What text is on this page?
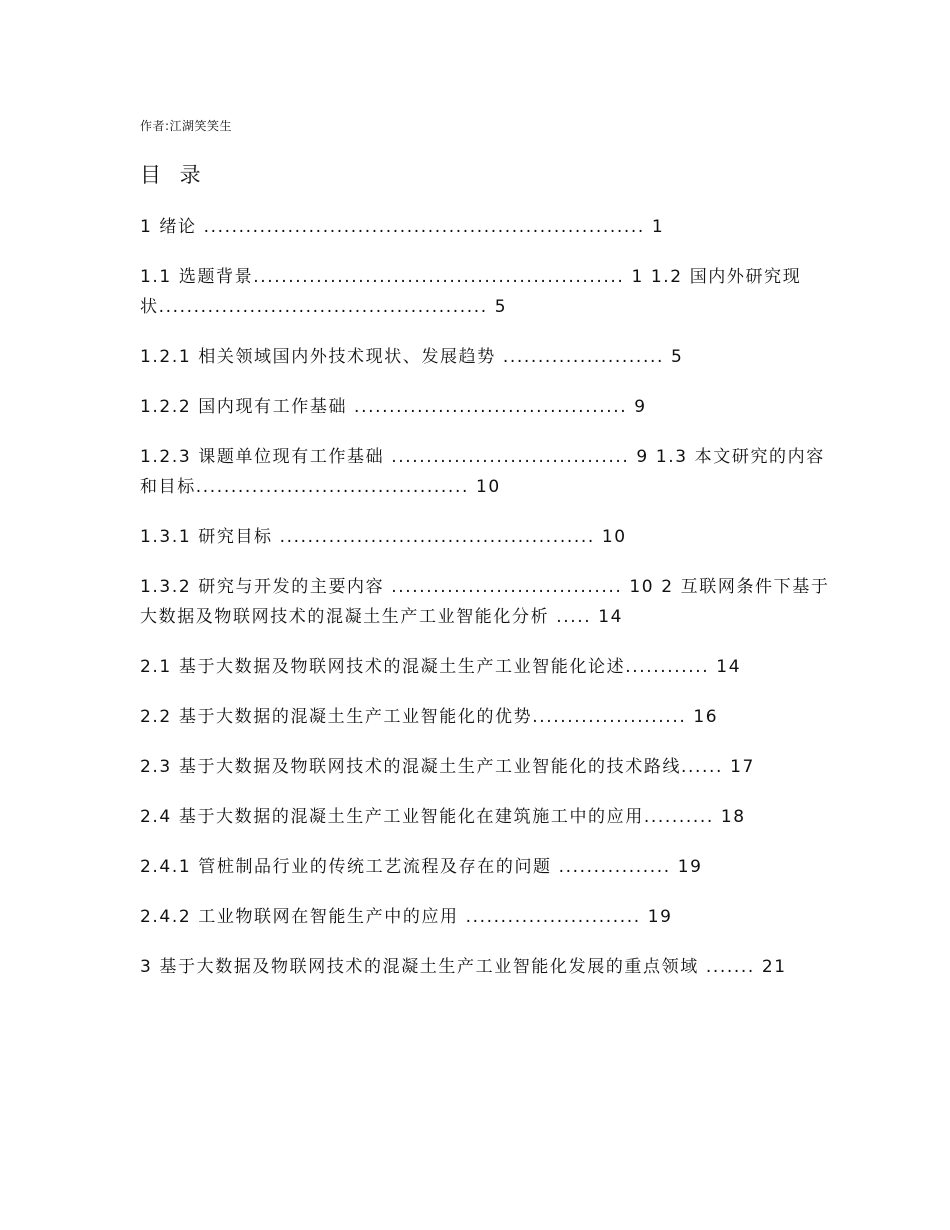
作者:江湖笑笑生
目 录
1 绪论 ............................................................... 1
1.1 选题背景..................................................... 1 1.2 国内外研究现状............................................... 5
1.2.1 相关领域国内外技术现状、发展趋势 ....................... 5
1.2.2 国内现有工作基础 ....................................... 9
1.2.3 课题单位现有工作基础 .................................. 9 1.3 本文研究的内容和目标....................................... 10
1.3.1 研究目标 ............................................. 10
1.3.2 研究与开发的主要内容 ................................. 10 2 互联网条件下基于大数据及物联网技术的混凝土生产工业智能化分析 ..... 14
2.1 基于大数据及物联网技术的混凝土生产工业智能化论述............ 14
2.2 基于大数据的混凝土生产工业智能化的优势...................... 16
2.3 基于大数据及物联网技术的混凝土生产工业智能化的技术路线...... 17
2.4 基于大数据的混凝土生产工业智能化在建筑施工中的应用.......... 18
2.4.1 管桩制品行业的传统工艺流程及存在的问题 ................ 19
2.4.2 工业物联网在智能生产中的应用 ......................... 19
3 基于大数据及物联网技术的混凝土生产工业智能化发展的重点领域 ....... 21
